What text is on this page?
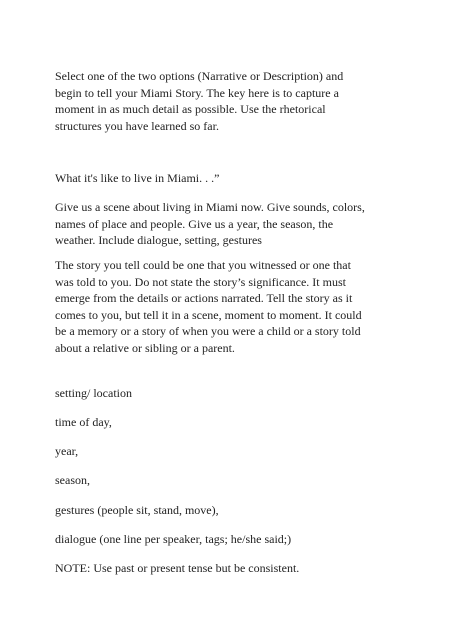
Select one of the two options (Narrative or Description) and
begin to tell your Miami Story. The key here is to capture a
moment in as much detail as possible. Use the rhetorical
structures you have learned so far.

What it's like to live in Miami. . .”

Give us a scene about living in Miami now. Give sounds, colors,
names of place and people. Give us a year, the season, the
weather. Include dialogue, setting, gestures

The story you tell could be one that you witnessed or one that
was told to you. Do not state the story’s significance. It must
emerge from the details or actions narrated. Tell the story as it
comes to you, but tell it in a scene, moment to moment. It could
be a memory or a story of when you were a child or a story told
about a relative or sibling or a parent.

setting/ location

time of day,

year,

season,

gestures (people sit, stand, move),

dialogue (one line per speaker, tags; he/she said;)

NOTE: Use past or present tense but be consistent.
